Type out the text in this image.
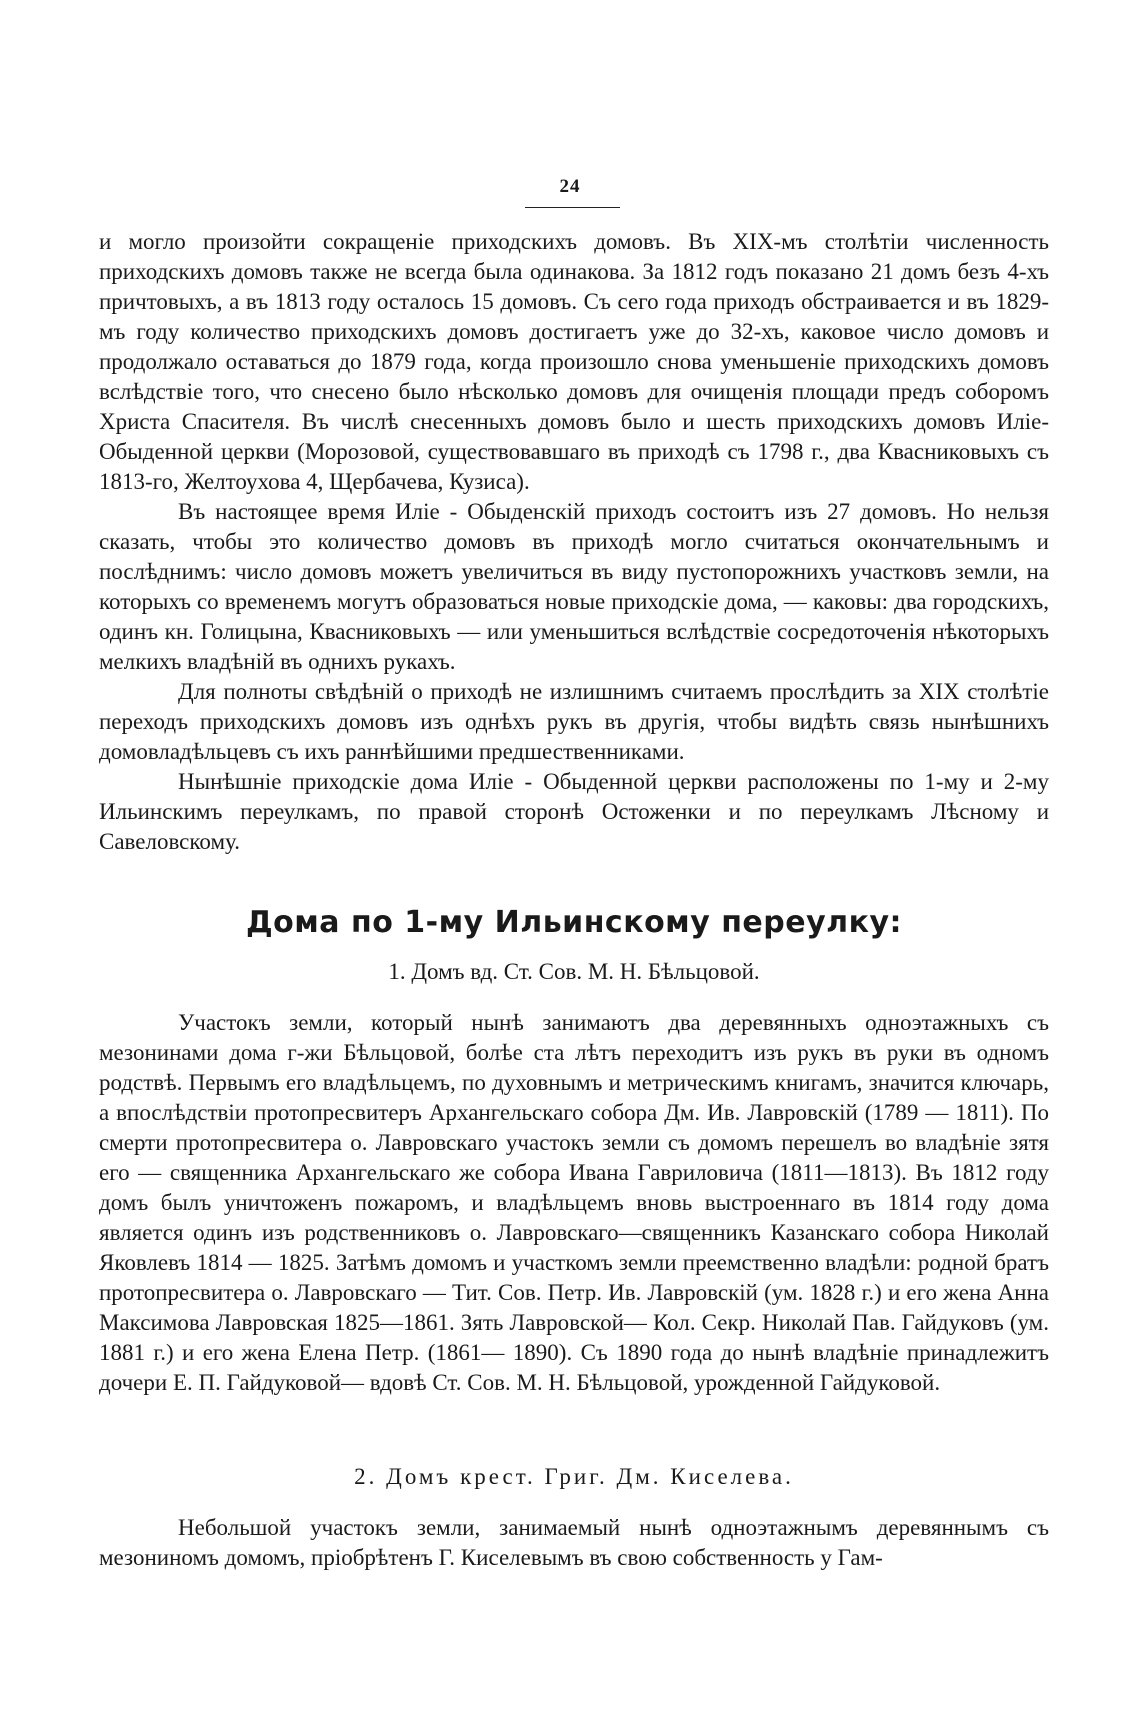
24

и могло произойти сокращеніе приходскихъ домовъ. Въ XIX-мъ столѣтіи численность приходскихъ домовъ также не всегда была одинакова. За 1812 годъ показано 21 домъ безъ 4-хъ причтовыхъ, а въ 1813 году осталось 15 домовъ. Съ сего года приходъ обстраивается и въ 1829-мъ году количество приходскихъ домовъ достигаетъ уже до 32-хъ, каковое число домовъ и продолжало оставаться до 1879 года, когда произошло снова уменьшеніе приходскихъ домовъ вслѣдствіе того, что снесено было нѣсколько домовъ для очищенія площади предъ соборомъ Христа Спасителя. Въ числѣ снесенныхъ домовъ было и шесть приходскихъ домовъ Иліе-Обыденной церкви (Морозовой, существовавшаго въ приходѣ съ 1798 г., два Квасниковыхъ съ 1813-го, Желтоухова 4, Щербачева, Кузиса).

Въ настоящее время Иліе - Обыденскій приходъ состоитъ изъ 27 домовъ. Но нельзя сказать, чтобы это количество домовъ въ приходѣ могло считаться окончательнымъ и послѣднимъ: число домовъ можетъ увеличиться въ виду пустопорожнихъ участковъ земли, на которыхъ со временемъ могутъ образоваться новые приходскіе дома, — каковы: два городскихъ, одинъ кн. Голицына, Квасниковыхъ — или уменьшиться вслѣдствіе сосредоточенія нѣкоторыхъ мелкихъ владѣній въ однихъ рукахъ.

Для полноты свѣдѣній о приходѣ не излишнимъ считаемъ прослѣдить за XIX столѣтіе переходъ приходскихъ домовъ изъ однѣхъ рукъ въ другія, чтобы видѣть связь нынѣшнихъ домовладѣльцевъ съ ихъ раннѣйшими предшественниками.

Нынѣшніе приходскіе дома Иліе - Обыденной церкви расположены по 1-му и 2-му Ильинскимъ переулкамъ, по правой сторонѣ Остоженки и по переулкамъ Лѣсному и Савеловскому.

Дома по 1-му Ильинскому переулку:
1. Домъ вд. Ст. Сов. М. Н. Бѣльцовой.

Участокъ земли, который нынѣ занимаютъ два деревянныхъ одноэтажныхъ съ мезонинами дома г-жи Бѣльцовой, болѣе ста лѣтъ переходитъ изъ рукъ въ руки въ одномъ родствѣ. Первымъ его владѣльцемъ, по духовнымъ и метрическимъ книгамъ, значится ключарь, а впослѣдствіи протопресвитеръ Архангельскаго собора Дм. Ив. Лавровскій (1789 — 1811). По смерти протопресвитера о. Лавровскаго участокъ земли съ домомъ перешелъ во владѣніе зятя его — священника Архангельскаго же собора Ивана Гавриловича (1811—1813). Въ 1812 году домъ былъ уничтоженъ пожаромъ, и владѣльцемъ вновь выстроеннаго въ 1814 году дома является одинъ изъ родственниковъ о. Лавровскаго—священникъ Казанскаго собора Николай Яковлевъ 1814 — 1825. Затѣмъ домомъ и участкомъ земли преемственно владѣли: родной братъ протопресвитера о. Лавровскаго — Тит. Сов. Петр. Ив. Лавровскій (ум. 1828 г.) и его жена Анна Максимова Лавровская 1825—1861. Зять Лавровской— Кол. Секр. Николай Пав. Гайдуковъ (ум. 1881 г.) и его жена Елена Петр. (1861— 1890). Съ 1890 года до нынѣ владѣніе принадлежитъ дочери Е. П. Гайдуковой— вдовѣ Ст. Сов. М. Н. Бѣльцовой, урожденной Гайдуковой.

2. Домъ крест. Григ. Дм. Киселева.

Небольшой участокъ земли, занимаемый нынѣ одноэтажнымъ деревяннымъ съ мезониномъ домомъ, пріобрѣтенъ Г. Киселевымъ въ свою собственность у Гам-
